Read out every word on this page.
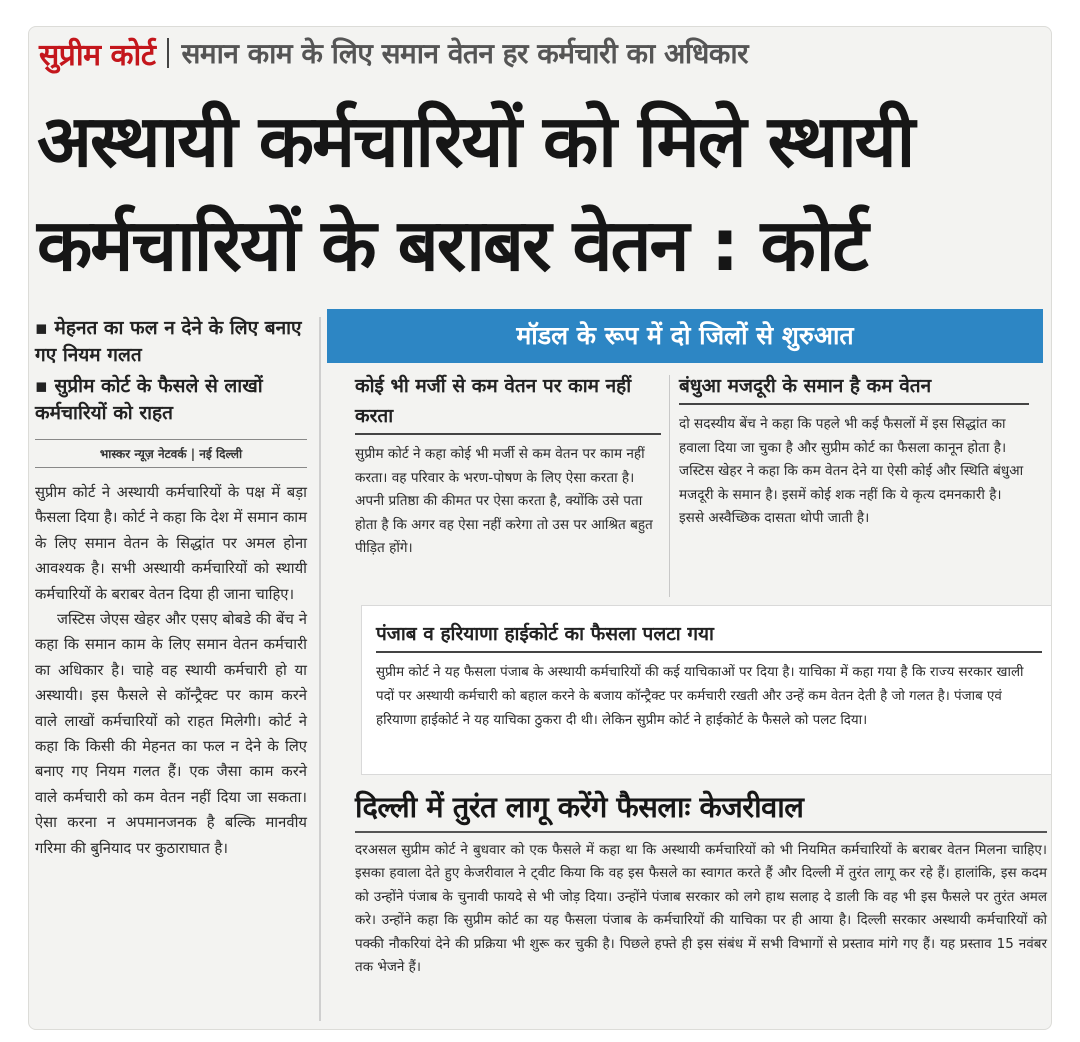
सुप्रीम कोर्ट समान काम के लिए समान वेतन हर कर्मचारी का अधिकार
अस्थायी कर्मचारियों को मिले स्थायी
कर्मचारियों के बराबर वेतन : कोर्ट
▪ मेहनत का फल न देने के लिए बनाए गए नियम गलत
▪ सुप्रीम कोर्ट के फैसले से लाखों कर्मचारियों को राहत
भास्कर न्यूज़ नेटवर्क | नई दिल्ली

सुप्रीम कोर्ट ने अस्थायी कर्मचारियों के पक्ष में बड़ा फैसला दिया है। कोर्ट ने कहा कि देश में समान काम के लिए समान वेतन के सिद्धांत पर अमल होना आवश्यक है। सभी अस्थायी कर्मचारियों को स्थायी कर्मचारियों के बराबर वेतन दिया ही जाना चाहिए।

जस्टिस जेएस खेहर और एसए बोबडे की बेंच ने कहा कि समान काम के लिए समान वेतन कर्मचारी का अधिकार है। चाहे वह स्थायी कर्मचारी हो या अस्थायी। इस फैसले से कॉन्ट्रैक्ट पर काम करने वाले लाखों कर्मचारियों को राहत मिलेगी। कोर्ट ने कहा कि किसी की मेहनत का फल न देने के लिए बनाए गए नियम गलत हैं। एक जैसा काम करने वाले कर्मचारी को कम वेतन नहीं दिया जा सकता। ऐसा करना न अपमानजनक है बल्कि मानवीय गरिमा की बुनियाद पर कुठाराघात है।

मॉडल के रूप में दो जिलों से शुरुआत
कोई भी मर्जी से कम वेतन पर काम नहीं करता
सुप्रीम कोर्ट ने कहा कोई भी मर्जी से कम वेतन पर काम नहीं करता। वह परिवार के भरण-पोषण के लिए ऐसा करता है। अपनी प्रतिष्ठा की कीमत पर ऐसा करता है, क्योंकि उसे पता होता है कि अगर वह ऐसा नहीं करेगा तो उस पर आश्रित बहुत पीड़ित होंगे।
बंधुआ मजदूरी के समान है कम वेतन
दो सदस्यीय बेंच ने कहा कि पहले भी कई फैसलों में इस सिद्धांत का हवाला दिया जा चुका है और सुप्रीम कोर्ट का फैसला कानून होता है। जस्टिस खेहर ने कहा कि कम वेतन देने या ऐसी कोई और स्थिति बंधुआ मजदूरी के समान है। इसमें कोई शक नहीं कि ये कृत्य दमनकारी है। इससे अस्वैच्छिक दासता थोपी जाती है।
पंजाब व हरियाणा हाईकोर्ट का फैसला पलटा गया
सुप्रीम कोर्ट ने यह फैसला पंजाब के अस्थायी कर्मचारियों की कई याचिकाओं पर दिया है। याचिका में कहा गया है कि राज्य सरकार खाली पदों पर अस्थायी कर्मचारी को बहाल करने के बजाय कॉन्ट्रैक्ट पर कर्मचारी रखती और उन्हें कम वेतन देती है जो गलत है। पंजाब एवं हरियाणा हाईकोर्ट ने यह याचिका ठुकरा दी थी। लेकिन सुप्रीम कोर्ट ने हाईकोर्ट के फैसले को पलट दिया।
दिल्ली में तुरंत लागू करेंगे फैसलाः केजरीवाल
दरअसल सुप्रीम कोर्ट ने बुधवार को एक फैसले में कहा था कि अस्थायी कर्मचारियों को भी नियमित कर्मचारियों के बराबर वेतन मिलना चाहिए। इसका हवाला देते हुए केजरीवाल ने ट्वीट किया कि वह इस फैसले का स्वागत करते हैं और दिल्ली में तुरंत लागू कर रहे हैं। हालांकि, इस कदम को उन्होंने पंजाब के चुनावी फायदे से भी जोड़ दिया। उन्होंने पंजाब सरकार को लगे हाथ सलाह दे डाली कि वह भी इस फैसले पर तुरंत अमल करे। उन्होंने कहा कि सुप्रीम कोर्ट का यह फैसला पंजाब के कर्मचारियों की याचिका पर ही आया है। दिल्ली सरकार अस्थायी कर्मचारियों को पक्की नौकरियां देने की प्रक्रिया भी शुरू कर चुकी है। पिछले हफ्ते ही इस संबंध में सभी विभागों से प्रस्ताव मांगे गए हैं। यह प्रस्ताव 15 नवंबर तक भेजने हैं।
